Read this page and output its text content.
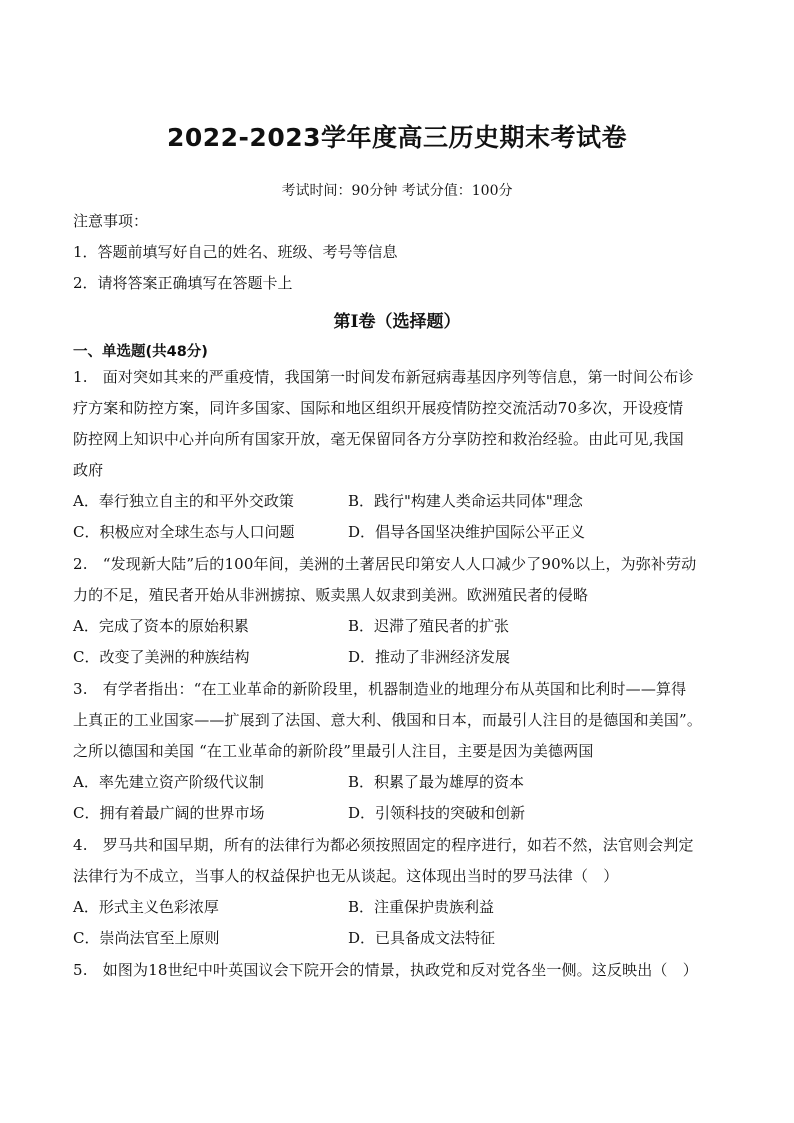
2022-2023学年度高三历史期末考试卷
考试时间：90分钟 考试分值：100分
注意事项：
1．答题前填写好自己的姓名、班级、考号等信息
2．请将答案正确填写在答题卡上
第Ⅰ卷（选择题）
一、单选题(共48分)
1.　面对突如其来的严重疫情，我国第一时间发布新冠病毒基因序列等信息，第一时间公布诊
疗方案和防控方案，同许多国家、国际和地区组织开展疫情防控交流活动70多次，开设疫情
防控网上知识中心并向所有国家开放，毫无保留同各方分享防控和救治经验。由此可见,我国
政府
A．奉行独立自主的和平外交政策	B．践行"构建人类命运共同体"理念
C．积极应对全球生态与人口问题	D．倡导各国坚决维护国际公平正义
2.　“发现新大陆”后的100年间，美洲的土著居民印第安人人口减少了90%以上，为弥补劳动
力的不足，殖民者开始从非洲掳掠、贩卖黑人奴隶到美洲。欧洲殖民者的侵略
A．完成了资本的原始积累	B．迟滞了殖民者的扩张
C．改变了美洲的种族结构	D．推动了非洲经济发展
3.　有学者指出：“在工业革命的新阶段里，机器制造业的地理分布从英国和比利时——算得
上真正的工业国家——扩展到了法国、意大利、俄国和日本，而最引人注目的是德国和美国”。
之所以德国和美国 “在工业革命的新阶段”里最引人注目，主要是因为美德两国
A．率先建立资产阶级代议制	B．积累了最为雄厚的资本
C．拥有着最广阔的世界市场	D．引领科技的突破和创新
4.　罗马共和国早期，所有的法律行为都必须按照固定的程序进行，如若不然，法官则会判定
法律行为不成立，当事人的权益保护也无从谈起。这体现出当时的罗马法律（　）
A．形式主义色彩浓厚	B．注重保护贵族利益
C．崇尚法官至上原则	D．已具备成文法特征
5.　如图为18世纪中叶英国议会下院开会的情景，执政党和反对党各坐一侧。这反映出（　）
